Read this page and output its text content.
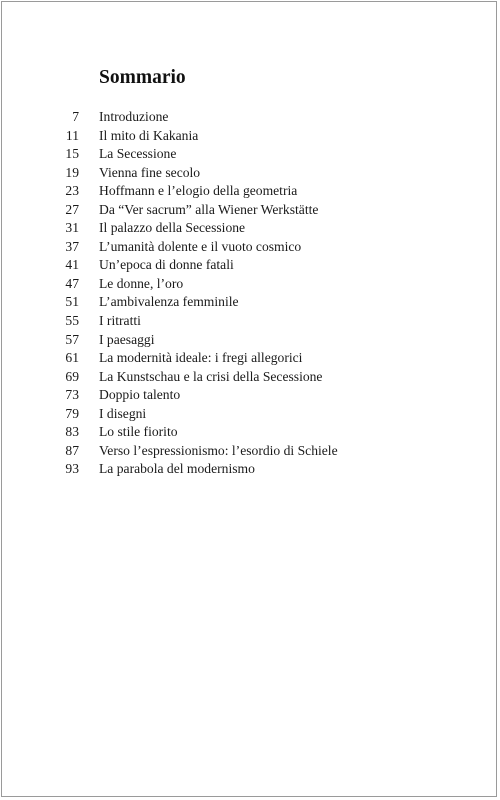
Sommario
7 Introduzione
11 Il mito di Kakania
15 La Secessione
19 Vienna fine secolo
23 Hoffmann e l’elogio della geometria
27 Da “Ver sacrum” alla Wiener Werkstätte
31 Il palazzo della Secessione
37 L’umanità dolente e il vuoto cosmico
41 Un’epoca di donne fatali
47 Le donne, l’oro
51 L’ambivalenza femminile
55 I ritratti
57 I paesaggi
61 La modernità ideale: i fregi allegorici
69 La Kunstschau e la crisi della Secessione
73 Doppio talento
79 I disegni
83 Lo stile fiorito
87 Verso l’espressionismo: l’esordio di Schiele
93 La parabola del modernismo
